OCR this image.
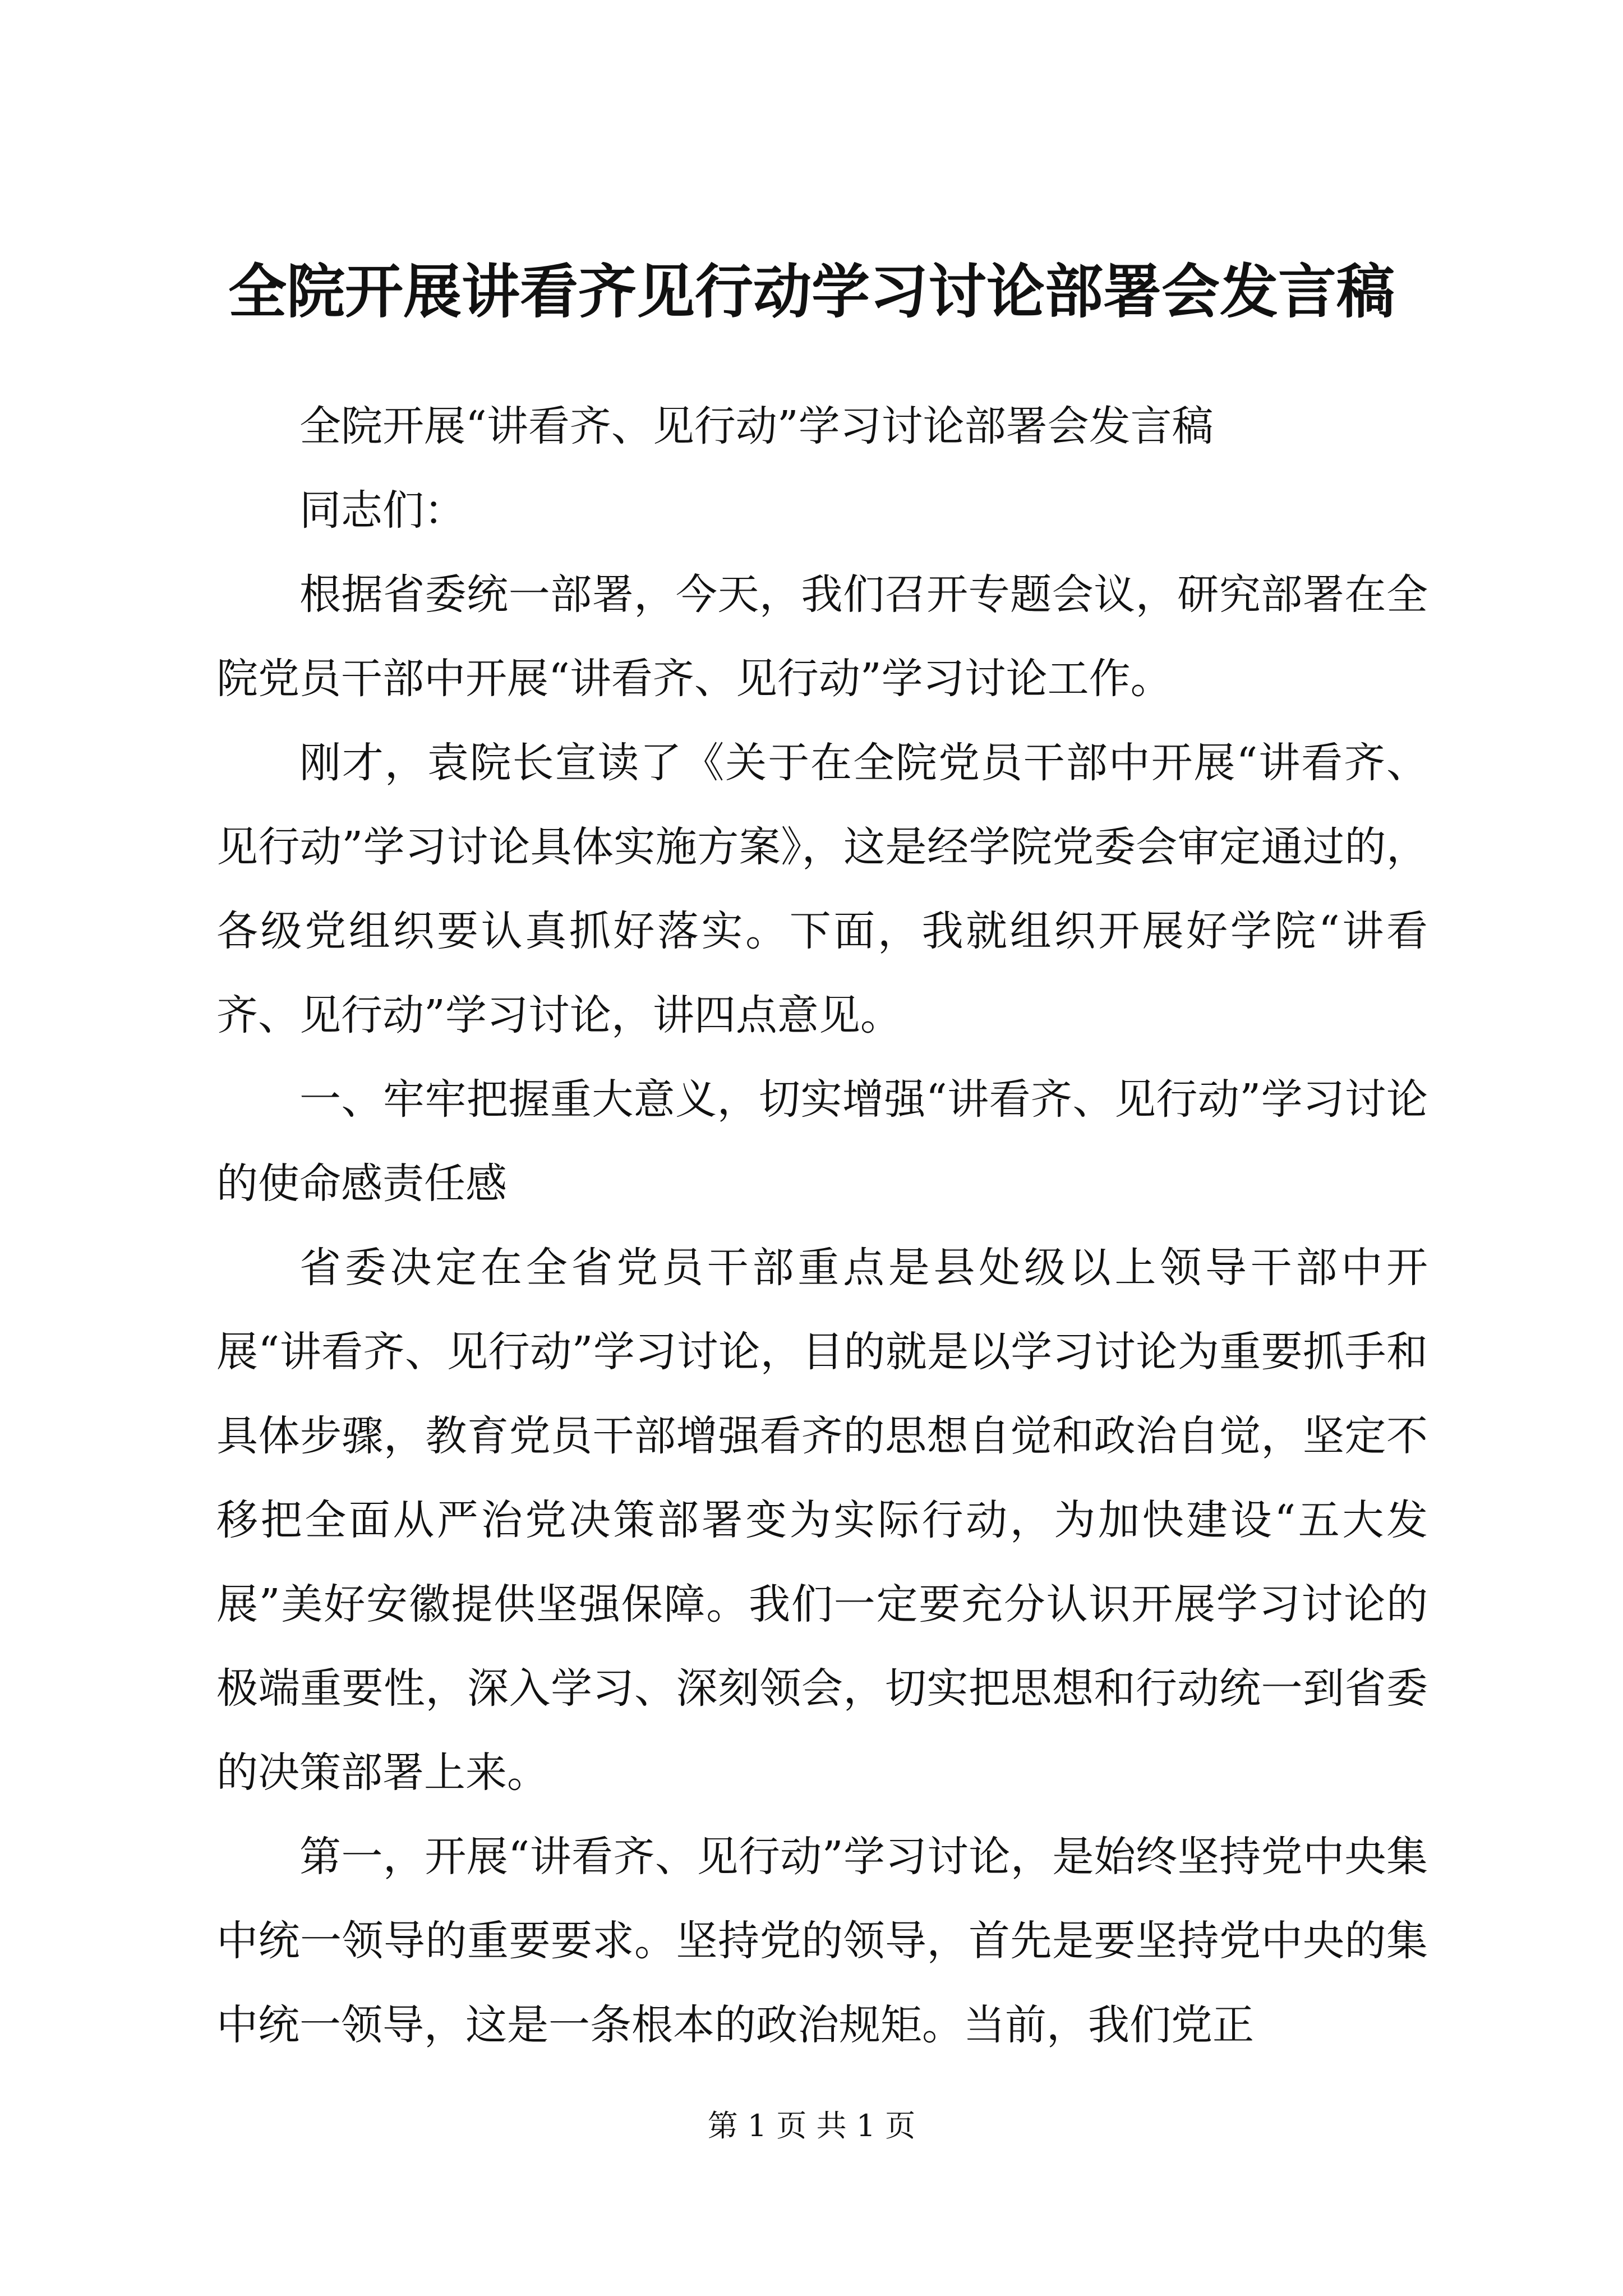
全院开展讲看齐见行动学习讨论部署会发言稿

全院开展“讲看齐、见行动”学习讨论部署会发言稿

同志们：

根据省委统一部署，今天，我们召开专题会议，研究部署在全院党员干部中开展“讲看齐、见行动”学习讨论工作。

刚才，袁院长宣读了《关于在全院党员干部中开展“讲看齐、见行动”学习讨论具体实施方案》，这是经学院党委会审定通过的，各级党组织要认真抓好落实。下面，我就组织开展好学院“讲看齐、见行动”学习讨论，讲四点意见。

一、牢牢把握重大意义，切实增强“讲看齐、见行动”学习讨论的使命感责任感

省委决定在全省党员干部重点是县处级以上领导干部中开展“讲看齐、见行动”学习讨论，目的就是以学习讨论为重要抓手和具体步骤，教育党员干部增强看齐的思想自觉和政治自觉，坚定不移把全面从严治党决策部署变为实际行动，为加快建设“五大发展”美好安徽提供坚强保障。我们一定要充分认识开展学习讨论的极端重要性，深入学习、深刻领会，切实把思想和行动统一到省委的决策部署上来。

第一，开展“讲看齐、见行动”学习讨论，是始终坚持党中央集中统一领导的重要要求。坚持党的领导，首先是要坚持党中央的集中统一领导，这是一条根本的政治规矩。当前，我们党正

第 1 页 共 1 页
